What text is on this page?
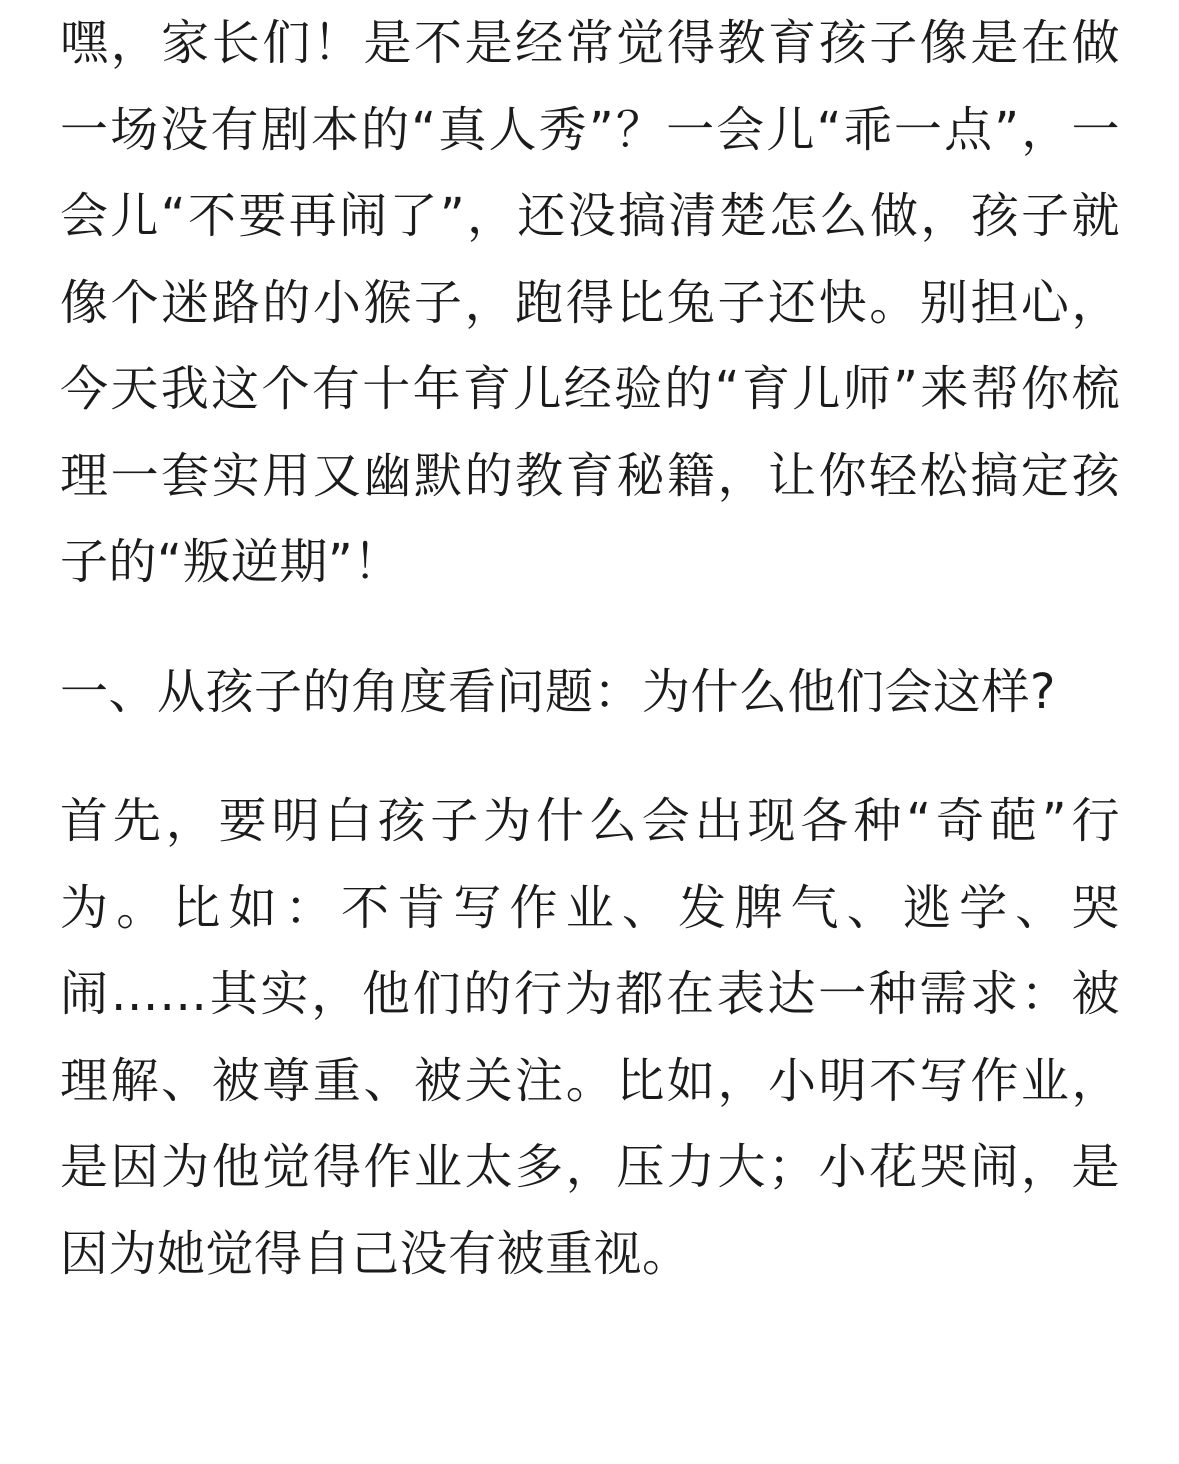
嘿，家长们！是不是经常觉得教育孩子像是在做一场没有剧本的“真人秀”？一会儿“乖一点”，一会儿“不要再闹了”，还没搞清楚怎么做，孩子就像个迷路的小猴子，跑得比兔子还快。别担心，今天我这个有十年育儿经验的“育儿师”来帮你梳理一套实用又幽默的教育秘籍，让你轻松搞定孩子的“叛逆期”！

一、从孩子的角度看问题：为什么他们会这样?

首先，要明白孩子为什么会出现各种“奇葩”行为。比如：不肯写作业、发脾气、逃学、哭闹……其实，他们的行为都在表达一种需求：被理解、被尊重、被关注。比如，小明不写作业，是因为他觉得作业太多，压力大；小花哭闹，是因为她觉得自己没有被重视。
